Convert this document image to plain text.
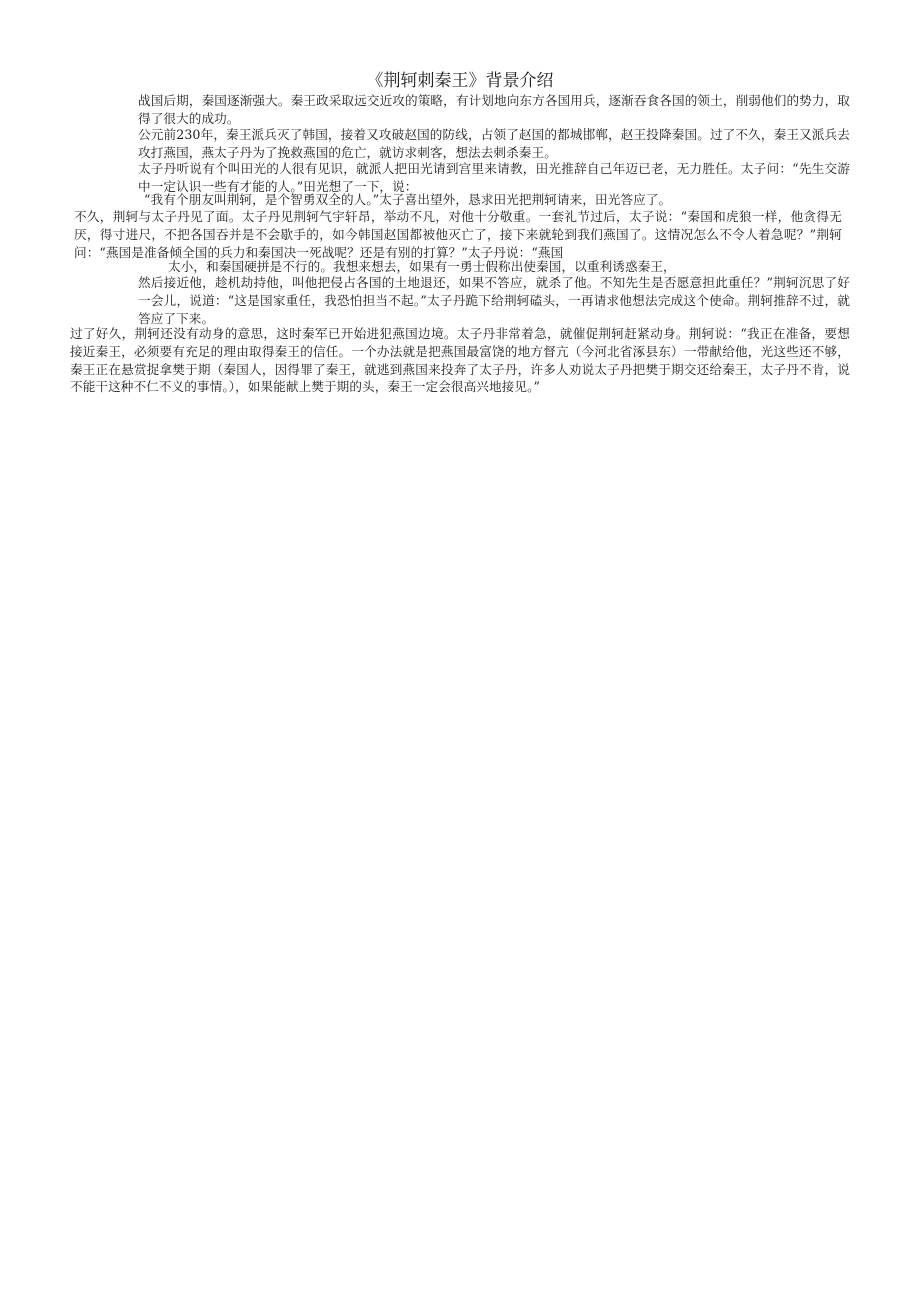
《荆轲刺秦王》背景介绍
战国后期，秦国逐渐强大。秦王政采取远交近攻的策略，有计划地向东方各国用兵，逐渐吞食各国的领土，削弱他们的势力，取得了很大的成功。
公元前230年，秦王派兵灭了韩国，接着又攻破赵国的防线，占领了赵国的都城邯郸，赵王投降秦国。过了不久，秦王又派兵去攻打燕国，燕太子丹为了挽救燕国的危亡，就访求刺客，想法去刺杀秦王。
太子丹听说有个叫田光的人很有见识，就派人把田光请到宫里来请教，田光推辞自己年迈已老，无力胜任。太子问：“先生交游中一定认识一些有才能的人。”田光想了一下，说：
“我有个朋友叫荆轲，是个智勇双全的人。”太子喜出望外，恳求田光把荆轲请来，田光答应了。
不久，荆轲与太子丹见了面。太子丹见荆轲气宇轩昂，举动不凡，对他十分敬重。一套礼节过后，太子说：“秦国和虎狼一样，他贪得无厌，得寸进尺，不把各国吞并是不会歇手的，如今韩国赵国都被他灭亡了，接下来就轮到我们燕国了。这情况怎么不令人着急呢？”荆轲问：“燕国是准备倾全国的兵力和秦国决一死战呢？还是有别的打算？”太子丹说：“燕国
太小，和秦国硬拼是不行的。我想来想去，如果有一勇士假称出使秦国，以重利诱惑秦王，
然后接近他，趁机劫持他，叫他把侵占各国的土地退还，如果不答应，就杀了他。不知先生是否愿意担此重任？”荆轲沉思了好一会儿，说道：“这是国家重任，我恐怕担当不起。”太子丹跪下给荆轲磕头，一再请求他想法完成这个使命。荆轲推辞不过，就答应了下来。
过了好久，荆轲还没有动身的意思，这时秦军已开始进犯燕国边境。太子丹非常着急，就催促荆轲赶紧动身。荆轲说：“我正在准备，要想接近秦王，必须要有充足的理由取得秦王的信任。一个办法就是把燕国最富饶的地方督亢（今河北省涿县东）一带献给他，光这些还不够，秦王正在悬赏捉拿樊于期（秦国人，因得罪了秦王，就逃到燕国来投奔了太子丹，许多人劝说太子丹把樊于期交还给秦王，太子丹不肯，说不能干这种不仁不义的事情。），如果能献上樊于期的头，秦王一定会很高兴地接见。”
